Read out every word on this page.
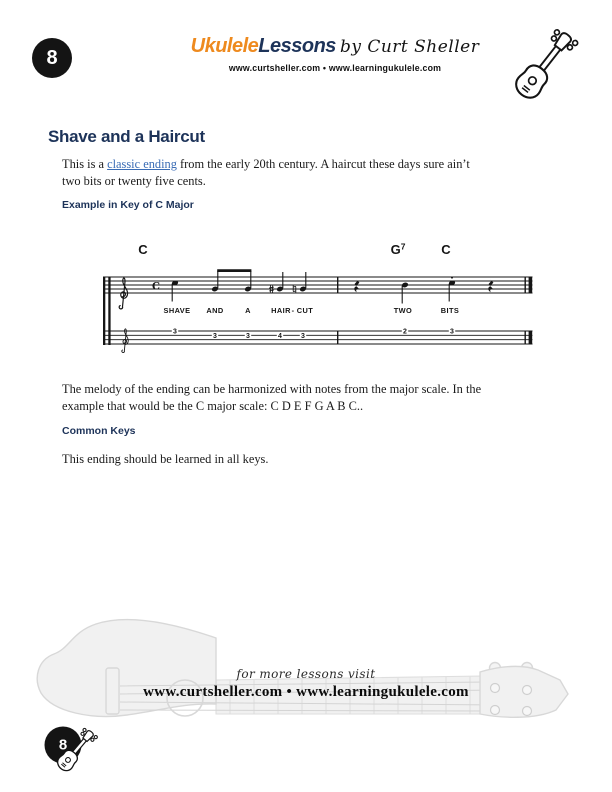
8
UkuleleLessons by Curt Sheller
www.curtsheller.com • www.learningukulele.com
Shave and a Haircut
This is a classic ending from the early 20th century. A haircut these days sure ain’t
two bits or twenty five cents.
Example in Key of C Major
C
C	$G^7$	C
SHAVE AND	A	HAIR - CUT	TWO	BITS
3
3	3	4	3
2	3
The melody of the ending can be harmonized with notes from the major scale. In the
example that would be the C major scale: C D E F G A B C..
Common Keys
This ending should be learned in all keys.
for more lessons visit
www.curtsheller.com • www.learningukulele.com
8
